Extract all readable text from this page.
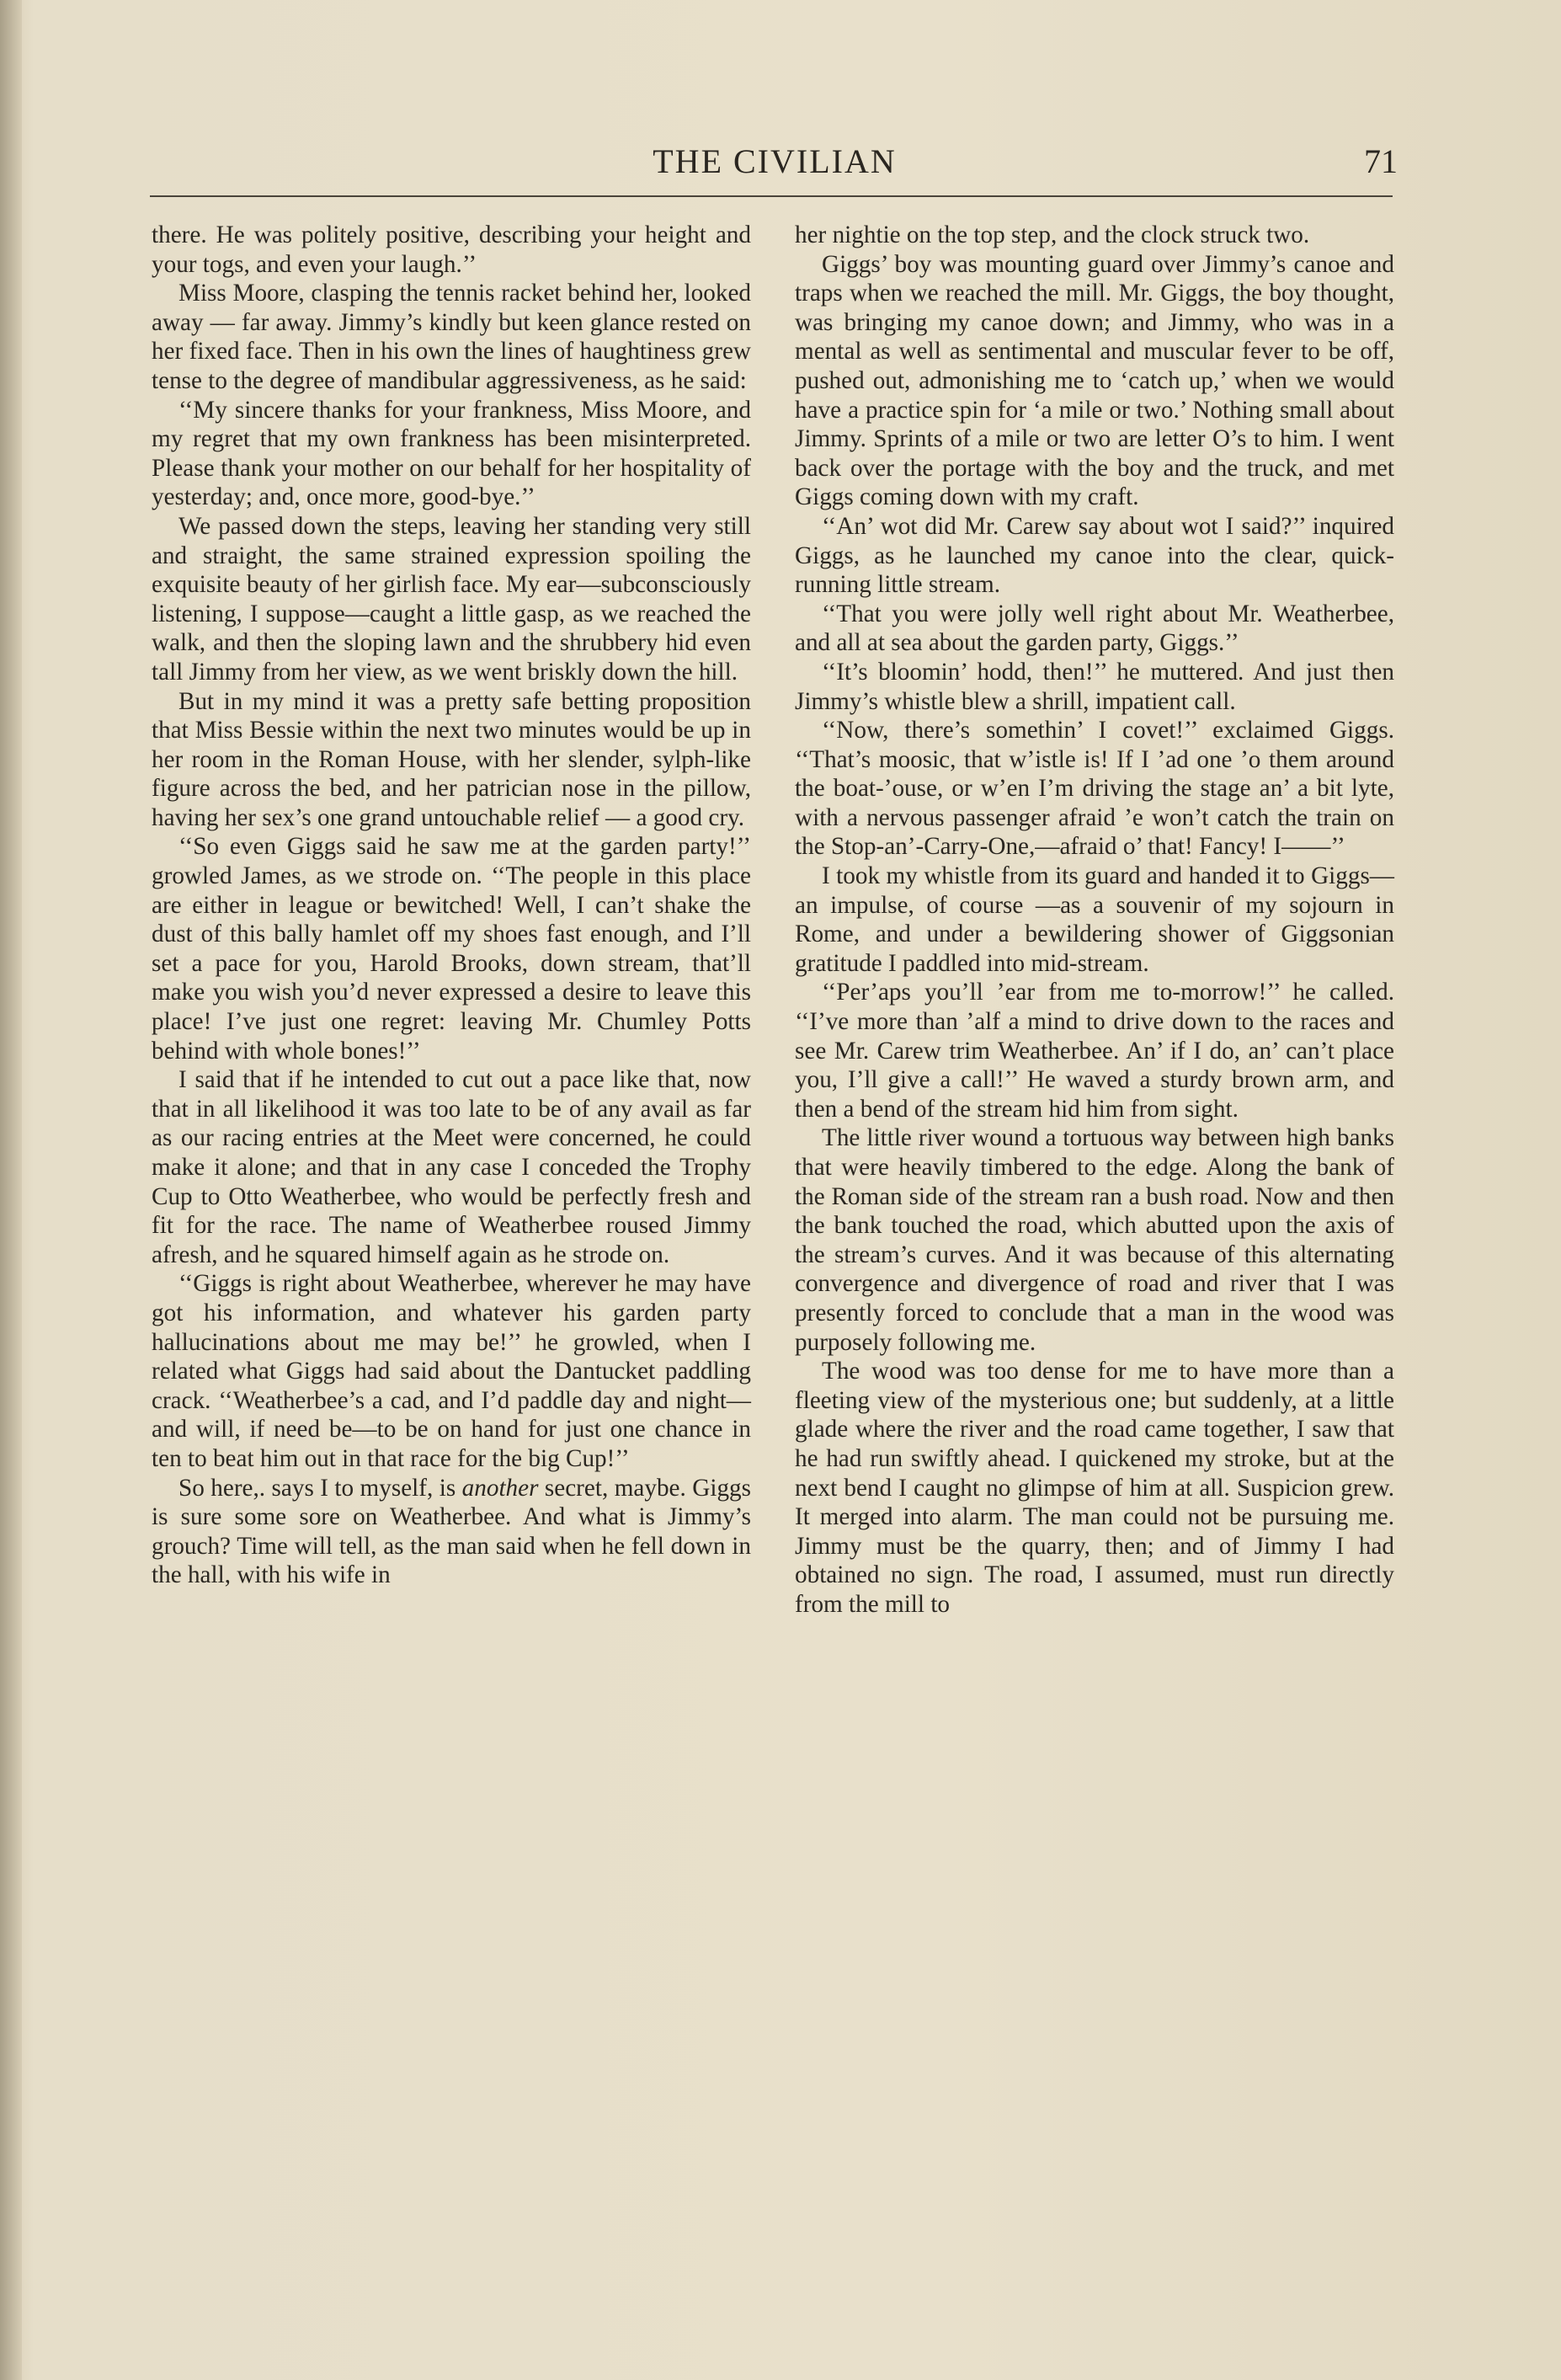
THE CIVILIAN	71

there. He was politely positive, describing your height and your togs, and even your laugh.’’

Miss Moore, clasping the tennis racket behind her, looked away — far away. Jimmy’s kindly but keen glance rested on her fixed face. Then in his own the lines of haughtiness grew tense to the degree of mandibular aggressiveness, as he said:

‘‘My sincere thanks for your frankness, Miss Moore, and my regret that my own frankness has been misinterpreted. Please thank your mother on our behalf for her hospitality of yesterday; and, once more, good-bye.’’

We passed down the steps, leaving her standing very still and straight, the same strained expression spoiling the exquisite beauty of her girlish face. My ear—subconsciously listening, I suppose—caught a little gasp, as we reached the walk, and then the sloping lawn and the shrubbery hid even tall Jimmy from her view, as we went briskly down the hill.

But in my mind it was a pretty safe betting proposition that Miss Bessie within the next two minutes would be up in her room in the Roman House, with her slender, sylph-like figure across the bed, and her patrician nose in the pillow, having her sex’s one grand untouchable relief — a good cry.

‘‘So even Giggs said he saw me at the garden party!’’ growled James, as we strode on. ‘‘The people in this place are either in league or bewitched! Well, I can’t shake the dust of this bally hamlet off my shoes fast enough, and I’ll set a pace for you, Harold Brooks, down stream, that’ll make you wish you’d never expressed a desire to leave this place! I’ve just one regret: leaving Mr. Chumley Potts behind with whole bones!’’

I said that if he intended to cut out a pace like that, now that in all likelihood it was too late to be of any avail as far as our racing entries at the Meet were concerned, he could make it alone; and that in any case I conceded the Trophy Cup to Otto Weatherbee, who would be perfectly fresh and fit for the race. The name of Weatherbee roused Jimmy afresh, and he squared himself again as he strode on.

‘‘Giggs is right about Weatherbee, wherever he may have got his information, and whatever his garden party hallucinations about me may be!’’ he growled, when I related what Giggs had said about the Dantucket paddling crack. ‘‘Weatherbee’s a cad, and I’d paddle day and night—and will, if need be—to be on hand for just one chance in ten to beat him out in that race for the big Cup!’’

So here,. says I to myself, is another secret, maybe. Giggs is sure some sore on Weatherbee. And what is Jimmy’s grouch? Time will tell, as the man said when he fell down in the hall, with his wife in

her nightie on the top step, and the clock struck two.

Giggs’ boy was mounting guard over Jimmy’s canoe and traps when we reached the mill. Mr. Giggs, the boy thought, was bringing my canoe down; and Jimmy, who was in a mental as well as sentimental and muscular fever to be off, pushed out, admonishing me to ‘catch up,’ when we would have a practice spin for ‘a mile or two.’ Nothing small about Jimmy. Sprints of a mile or two are letter O’s to him. I went back over the portage with the boy and the truck, and met Giggs coming down with my craft.

‘‘An’ wot did Mr. Carew say about wot I said?’’ inquired Giggs, as he launched my canoe into the clear, quick-running little stream.

‘‘That you were jolly well right about Mr. Weatherbee, and all at sea about the garden party, Giggs.’’

‘‘It’s bloomin’ hodd, then!’’ he muttered. And just then Jimmy’s whistle blew a shrill, impatient call.

‘‘Now, there’s somethin’ I covet!’’ exclaimed Giggs. ‘‘That’s moosic, that w’istle is! If I ’ad one ’o them around the boat-’ouse, or w’en I’m driving the stage an’ a bit lyte, with a nervous passenger afraid ’e won’t catch the train on the Stop-an’-Carry-One,—afraid o’ that! Fancy! I——’’

I took my whistle from its guard and handed it to Giggs—an impulse, of course —as a souvenir of my sojourn in Rome, and under a bewildering shower of Giggsonian gratitude I paddled into mid-stream.

‘‘Per’aps you’ll ’ear from me to-morrow!’’ he called. ‘‘I’ve more than ’alf a mind to drive down to the races and see Mr. Carew trim Weatherbee. An’ if I do, an’ can’t place you, I’ll give a call!’’ He waved a sturdy brown arm, and then a bend of the stream hid him from sight.

The little river wound a tortuous way between high banks that were heavily timbered to the edge. Along the bank of the Roman side of the stream ran a bush road. Now and then the bank touched the road, which abutted upon the axis of the stream’s curves. And it was because of this alternating convergence and divergence of road and river that I was presently forced to conclude that a man in the wood was purposely following me.

The wood was too dense for me to have more than a fleeting view of the mysterious one; but suddenly, at a little glade where the river and the road came together, I saw that he had run swiftly ahead. I quickened my stroke, but at the next bend I caught no glimpse of him at all. Suspicion grew. It merged into alarm. The man could not be pursuing me. Jimmy must be the quarry, then; and of Jimmy I had obtained no sign. The road, I assumed, must run directly from the mill to
